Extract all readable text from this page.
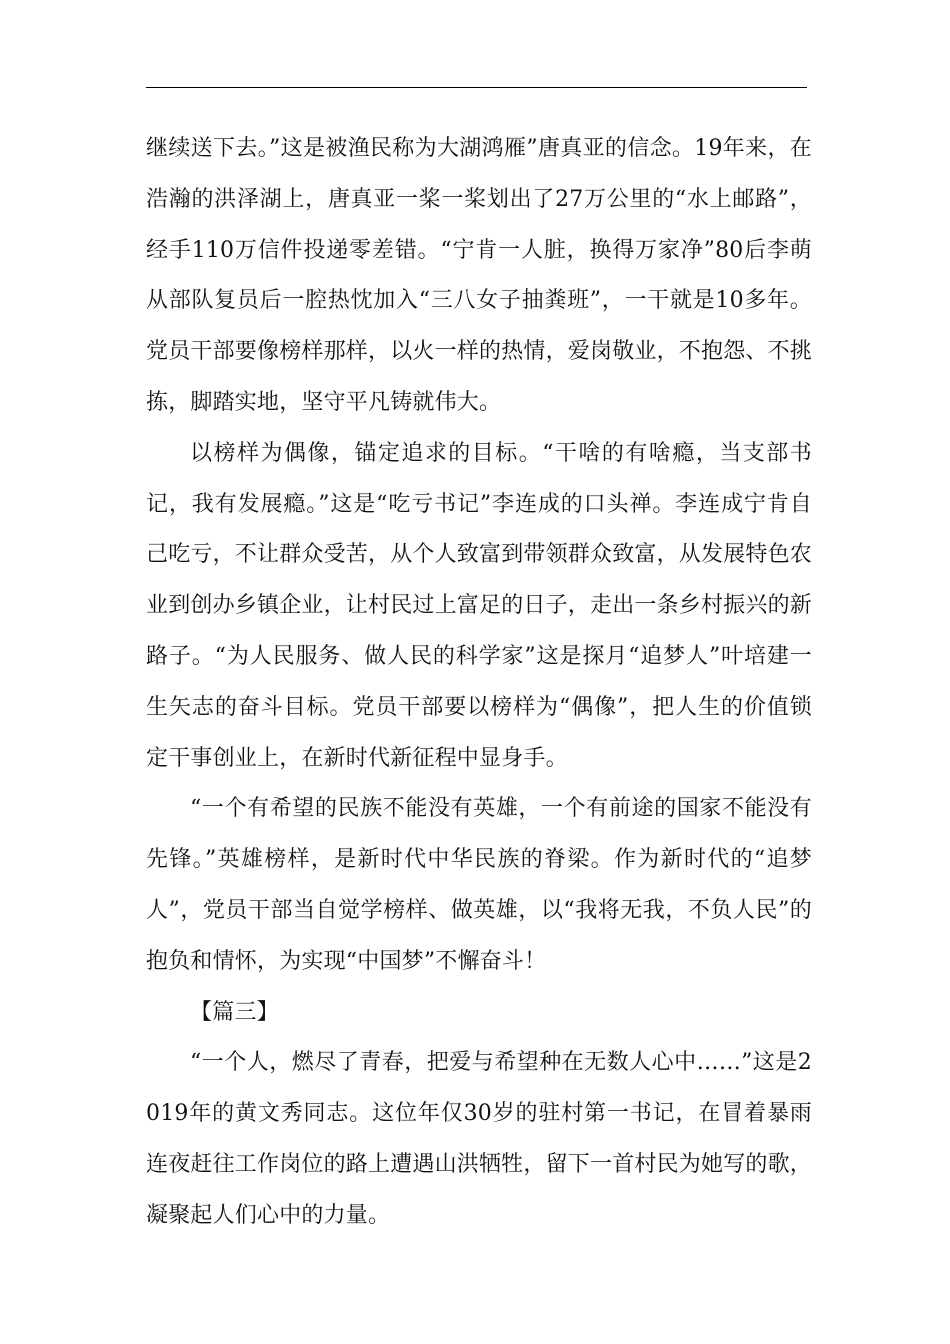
继续送下去。”这是被渔民称为大湖鸿雁”唐真亚的信念。19年来，在浩瀚的洪泽湖上，唐真亚一桨一桨划出了27万公里的“水上邮路”，经手110万信件投递零差错。“宁肯一人脏，换得万家净”80后李萌从部队复员后一腔热忱加入“三八女子抽粪班”，一干就是10多年。党员干部要像榜样那样，以火一样的热情，爱岗敬业，不抱怨、不挑拣，脚踏实地，坚守平凡铸就伟大。

以榜样为偶像，锚定追求的目标。“干啥的有啥瘾，当支部书记，我有发展瘾。”这是“吃亏书记”李连成的口头禅。李连成宁肯自己吃亏，不让群众受苦，从个人致富到带领群众致富，从发展特色农业到创办乡镇企业，让村民过上富足的日子，走出一条乡村振兴的新路子。“为人民服务、做人民的科学家”这是探月“追梦人”叶培建一生矢志的奋斗目标。党员干部要以榜样为“偶像”，把人生的价值锁定干事创业上，在新时代新征程中显身手。

“一个有希望的民族不能没有英雄，一个有前途的国家不能没有先锋。”英雄榜样，是新时代中华民族的脊梁。作为新时代的“追梦人”，党员干部当自觉学榜样、做英雄，以“我将无我，不负人民”的抱负和情怀，为实现“中国梦”不懈奋斗！

【篇三】

“一个人，燃尽了青春，把爱与希望种在无数人心中……”这是2019年的黄文秀同志。这位年仅30岁的驻村第一书记，在冒着暴雨连夜赶往工作岗位的路上遭遇山洪牺牲，留下一首村民为她写的歌，凝聚起人们心中的力量。
